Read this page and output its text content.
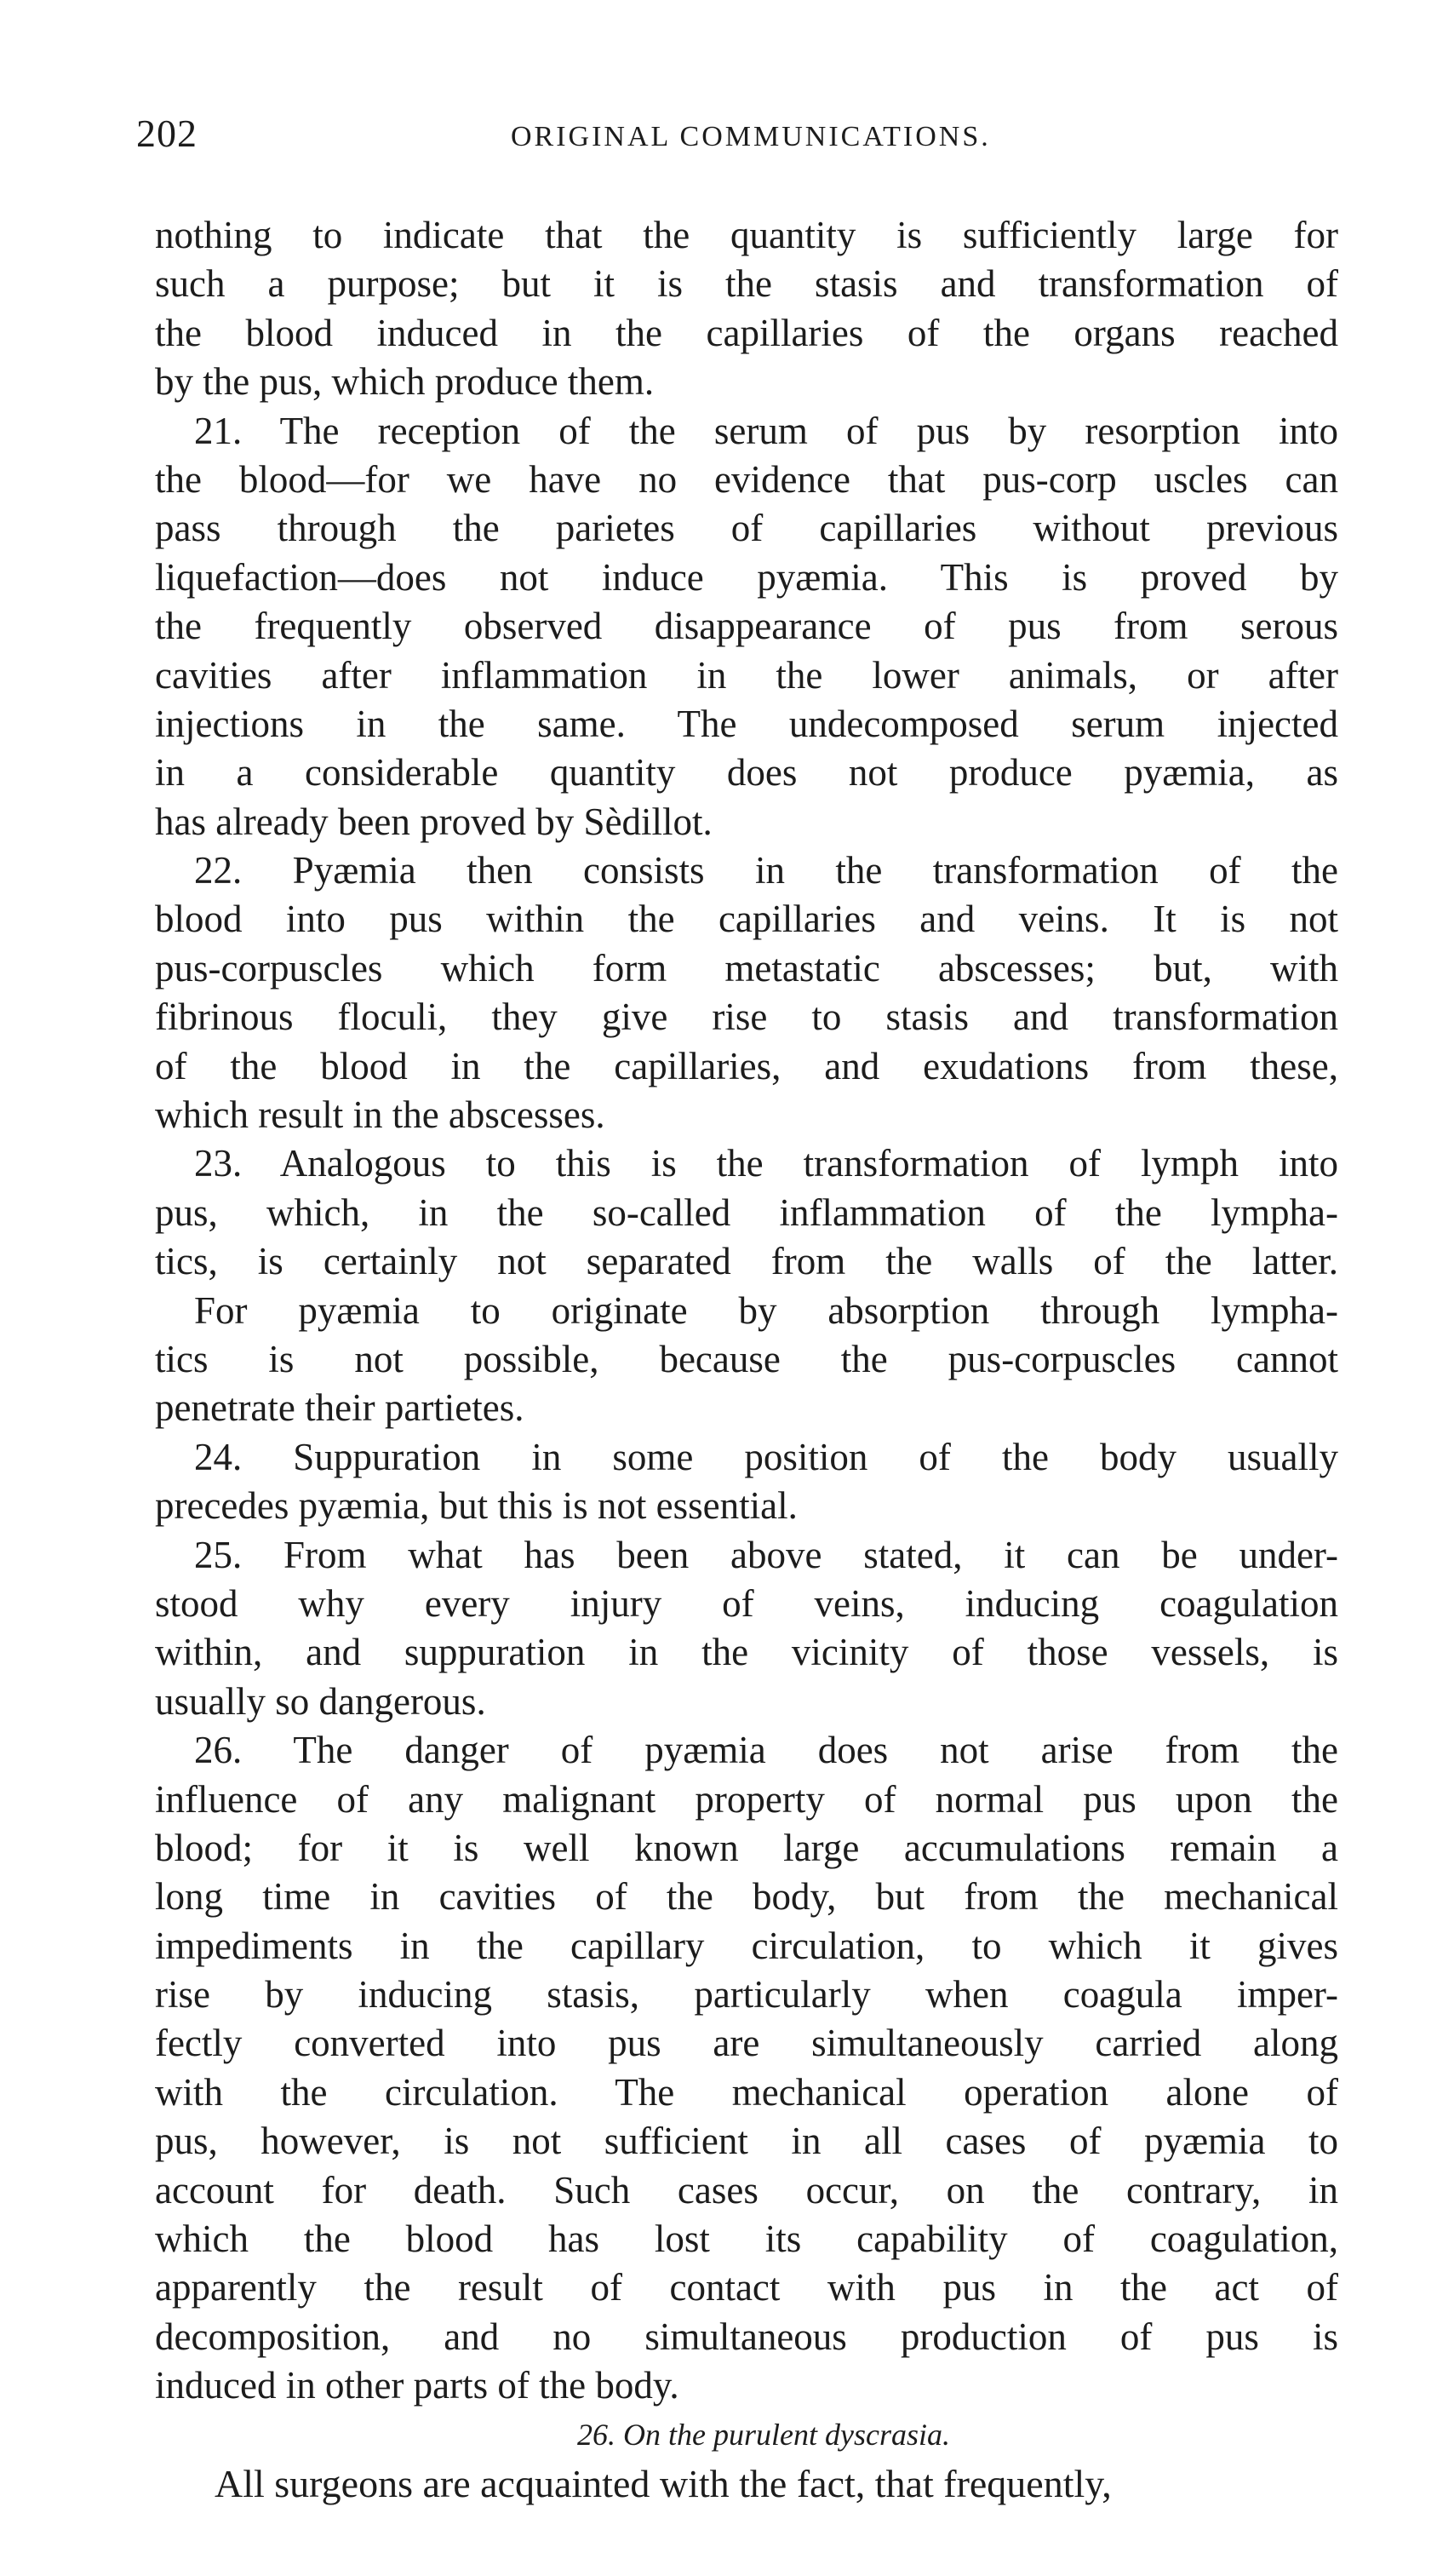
202	ORIGINAL COMMUNICATIONS.
nothing to indicate that the quantity is sufficiently large for
such a purpose; but it is the stasis and transformation of
the blood induced in the capillaries of the organs reached
by the pus, which produce them.
21. The reception of the serum of pus by resorption into
the blood—for we have no evidence that pus-corp uscles can
pass through the parietes of capillaries without previous
liquefaction—does not induce pyæmia. This is proved by
the frequently observed disappearance of pus from serous
cavities after inflammation in the lower animals, or after
injections in the same. The undecomposed serum injected
in a considerable quantity does not produce pyæmia, as
has already been proved by Sèdillot.
22. Pyæmia then consists in the transformation of the
blood into pus within the capillaries and veins. It is not
pus-corpuscles which form metastatic abscesses; but, with
fibrinous floculi, they give rise to stasis and transformation
of the blood in the capillaries, and exudations from these,
which result in the abscesses.
23. Analogous to this is the transformation of lymph into
pus, which, in the so-called inflammation of the lympha-
tics, is certainly not separated from the walls of the latter.
For pyæmia to originate by absorption through lympha-
tics is not possible, because the pus-corpuscles cannot
penetrate their partietes.
24. Suppuration in some position of the body usually
precedes pyæmia, but this is not essential.
25. From what has been above stated, it can be under-
stood why every injury of veins, inducing coagulation
within, and suppuration in the vicinity of those vessels, is
usually so dangerous.
26. The danger of pyæmia does not arise from the
influence of any malignant property of normal pus upon the
blood; for it is well known large accumulations remain a
long time in cavities of the body, but from the mechanical
impediments in the capillary circulation, to which it gives
rise by inducing stasis, particularly when coagula imper-
fectly converted into pus are simultaneously carried along
with the circulation. The mechanical operation alone of
pus, however, is not sufficient in all cases of pyæmia to
account for death. Such cases occur, on the contrary, in
which the blood has lost its capability of coagulation,
apparently the result of contact with pus in the act of
decomposition, and no simultaneous production of pus is
induced in other parts of the body.
26. On the purulent dyscrasia.
All surgeons are acquainted with the fact, that frequently,
